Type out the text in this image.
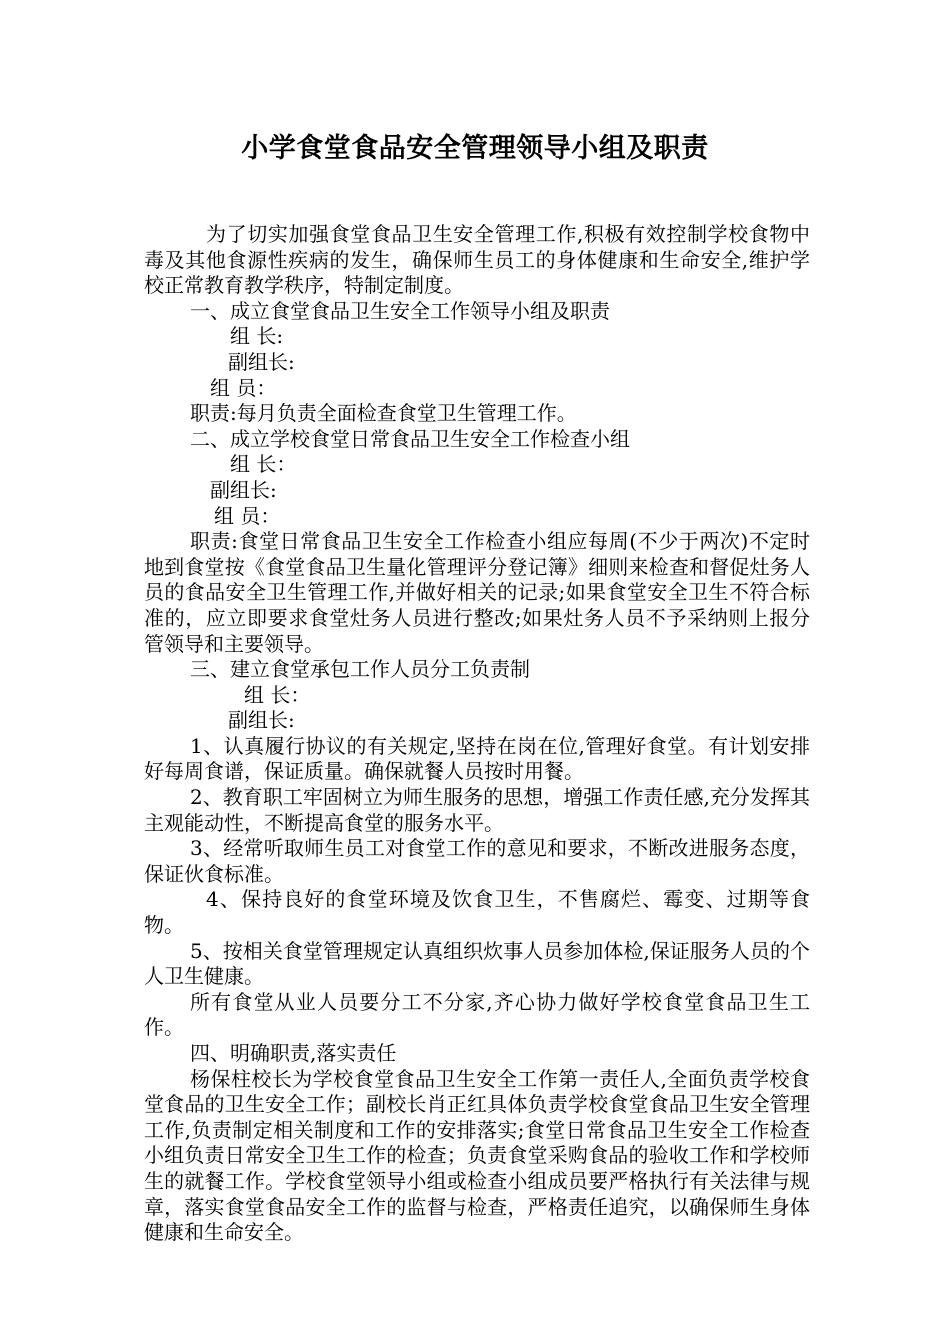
小学食堂食品安全管理领导小组及职责

为了切实加强食堂食品卫生安全管理工作,积极有效控制学校食物中毒及其他食源性疾病的发生，确保师生员工的身体健康和生命安全,维护学校正常教育教学秩序，特制定制度。

一、成立食堂食品卫生安全工作领导小组及职责

组 长:

副组长:

组 员：

职责:每月负责全面检查食堂卫生管理工作。

二、成立学校食堂日常食品卫生安全工作检查小组

组 长：

副组长:

组 员：

职责:食堂日常食品卫生安全工作检查小组应每周(不少于两次)不定时地到食堂按《食堂食品卫生量化管理评分登记簿》细则来检查和督促灶务人员的食品安全卫生管理工作,并做好相关的记录;如果食堂安全卫生不符合标准的，应立即要求食堂灶务人员进行整改;如果灶务人员不予采纳则上报分管领导和主要领导。

三、建立食堂承包工作人员分工负责制

组 长：

副组长:

1、认真履行协议的有关规定,坚持在岗在位,管理好食堂。有计划安排好每周食谱，保证质量。确保就餐人员按时用餐。

2、教育职工牢固树立为师生服务的思想，增强工作责任感,充分发挥其主观能动性，不断提高食堂的服务水平。

3、经常听取师生员工对食堂工作的意见和要求，不断改进服务态度，保证伙食标准。

4、保持良好的食堂环境及饮食卫生，不售腐烂、霉变、过期等食物。

5、按相关食堂管理规定认真组织炊事人员参加体检,保证服务人员的个人卫生健康。

所有食堂从业人员要分工不分家,齐心协力做好学校食堂食品卫生工作。

四、明确职责,落实责任

杨保柱校长为学校食堂食品卫生安全工作第一责任人,全面负责学校食堂食品的卫生安全工作；副校长肖正红具体负责学校食堂食品卫生安全管理工作,负责制定相关制度和工作的安排落实;食堂日常食品卫生安全工作检查小组负责日常安全卫生工作的检查；负责食堂采购食品的验收工作和学校师生的就餐工作。学校食堂领导小组或检查小组成员要严格执行有关法律与规章，落实食堂食品安全工作的监督与检查，严格责任追究，以确保师生身体健康和生命安全。
